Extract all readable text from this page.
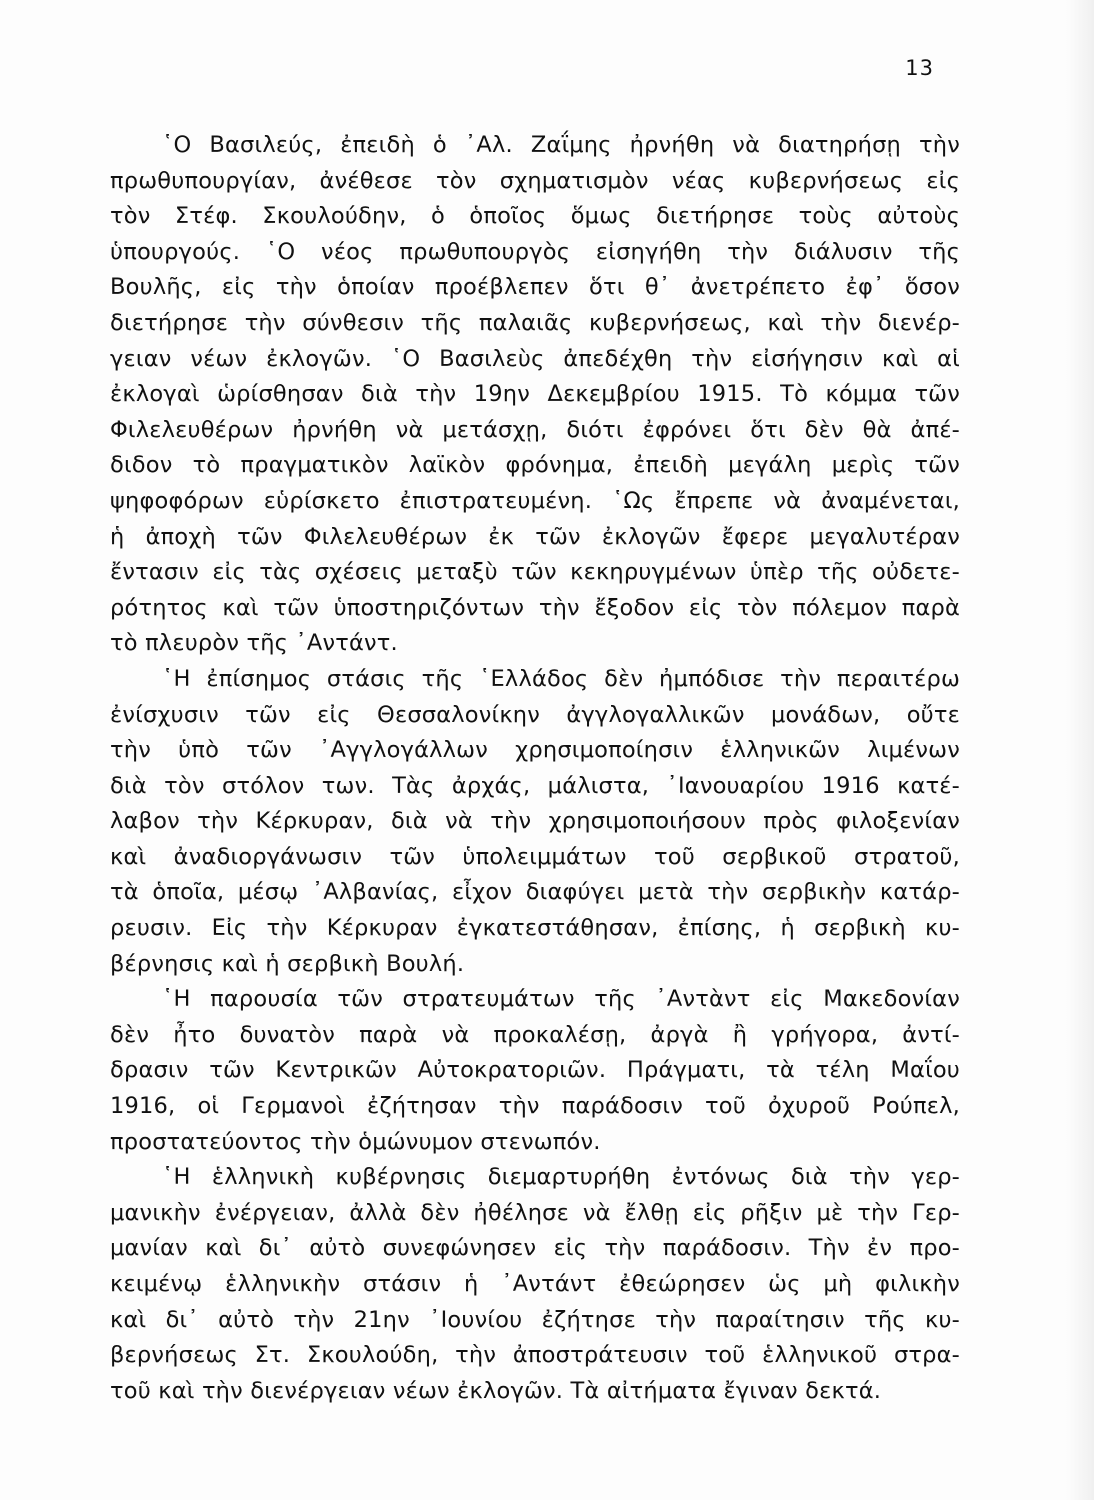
13
῾Ο Βασιλεύς, ἐπειδὴ ὁ ᾿Αλ. Ζαΐμης ἠρνήθη νὰ διατηρήσῃ τὴν
πρωθυπουργίαν, ἀνέθεσε τὸν σχηματισμὸν νέας κυβερνήσεως εἰς
τὸν Στέφ. Σκουλούδην, ὁ ὁποῖος ὅμως διετήρησε τοὺς αὐτοὺς
ὑπουργούς. ῾Ο νέος πρωθυπουργὸς εἰσηγήθη τὴν διάλυσιν τῆς
Βουλῆς, εἰς τὴν ὁποίαν προέβλεπεν ὅτι θ᾿ ἀνετρέπετο ἐφ᾿ ὅσον
διετήρησε τὴν σύνθεσιν τῆς παλαιᾶς κυβερνήσεως, καὶ τὴν διενέρ-
γειαν νέων ἐκλογῶν. ῾Ο Βασιλεὺς ἀπεδέχθη τὴν εἰσήγησιν καὶ αἱ
ἐκλογαὶ ὡρίσθησαν διὰ τὴν 19ην Δεκεμβρίου 1915. Τὸ κόμμα τῶν
Φιλελευθέρων ἠρνήθη νὰ μετάσχῃ, διότι ἐφρόνει ὅτι δὲν θὰ ἀπέ-
διδον τὸ πραγματικὸν λαϊκὸν φρόνημα, ἐπειδὴ μεγάλη μερὶς τῶν
ψηφοφόρων εὑρίσκετο ἐπιστρατευμένη. ῾Ως ἔπρεπε νὰ ἀναμένεται,
ἡ ἀποχὴ τῶν Φιλελευθέρων ἐκ τῶν ἐκλογῶν ἔφερε μεγαλυτέραν
ἔντασιν εἰς τὰς σχέσεις μεταξὺ τῶν κεκηρυγμένων ὑπὲρ τῆς οὐδετε-
ρότητος καὶ τῶν ὑποστηριζόντων τὴν ἔξοδον εἰς τὸν πόλεμον παρὰ
τὸ πλευρὸν τῆς ᾿Αντάντ.
῾Η ἐπίσημος στάσις τῆς ῾Ελλάδος δὲν ἠμπόδισε τὴν περαιτέρω
ἐνίσχυσιν τῶν εἰς Θεσσαλονίκην ἀγγλογαλλικῶν μονάδων, οὔτε
τὴν ὑπὸ τῶν ᾿Αγγλογάλλων χρησιμοποίησιν ἑλληνικῶν λιμένων
διὰ τὸν στόλον των. Τὰς ἀρχάς, μάλιστα, ᾿Ιανουαρίου 1916 κατέ-
λαβον τὴν Κέρκυραν, διὰ νὰ τὴν χρησιμοποιήσουν πρὸς φιλοξενίαν
καὶ ἀναδιοργάνωσιν τῶν ὑπολειμμάτων τοῦ σερβικοῦ στρατοῦ,
τὰ ὁποῖα, μέσῳ ᾿Αλβανίας, εἶχον διαφύγει μετὰ τὴν σερβικὴν κατάρ-
ρευσιν. Εἰς τὴν Κέρκυραν ἐγκατεστάθησαν, ἐπίσης, ἡ σερβικὴ κυ-
βέρνησις καὶ ἡ σερβικὴ Βουλή.
῾Η παρουσία τῶν στρατευμάτων τῆς ᾿Αντὰντ εἰς Μακεδονίαν
δὲν ἦτο δυνατὸν παρὰ νὰ προκαλέσῃ, ἀργὰ ἢ γρήγορα, ἀντί-
δρασιν τῶν Κεντρικῶν Αὐτοκρατοριῶν. Πράγματι, τὰ τέλη Μαΐου
1916, οἱ Γερμανοὶ ἐζήτησαν τὴν παράδοσιν τοῦ ὀχυροῦ Ρούπελ,
προστατεύοντος τὴν ὁμώνυμον στενωπόν.
῾Η ἑλληνικὴ κυβέρνησις διεμαρτυρήθη ἐντόνως διὰ τὴν γερ-
μανικὴν ἐνέργειαν, ἀλλὰ δὲν ἠθέλησε νὰ ἔλθῃ εἰς ρῆξιν μὲ τὴν Γερ-
μανίαν καὶ δι᾿ αὐτὸ συνεφώνησεν εἰς τὴν παράδοσιν. Τὴν ἐν προ-
κειμένῳ ἑλληνικὴν στάσιν ἡ ᾿Αντάντ ἐθεώρησεν ὡς μὴ φιλικὴν
καὶ δι᾿ αὐτὸ τὴν 21ην ᾿Ιουνίου ἐζήτησε τὴν παραίτησιν τῆς κυ-
βερνήσεως Στ. Σκουλούδη, τὴν ἀποστράτευσιν τοῦ ἑλληνικοῦ στρα-
τοῦ καὶ τὴν διενέργειαν νέων ἐκλογῶν. Τὰ αἰτήματα ἔγιναν δεκτά.
